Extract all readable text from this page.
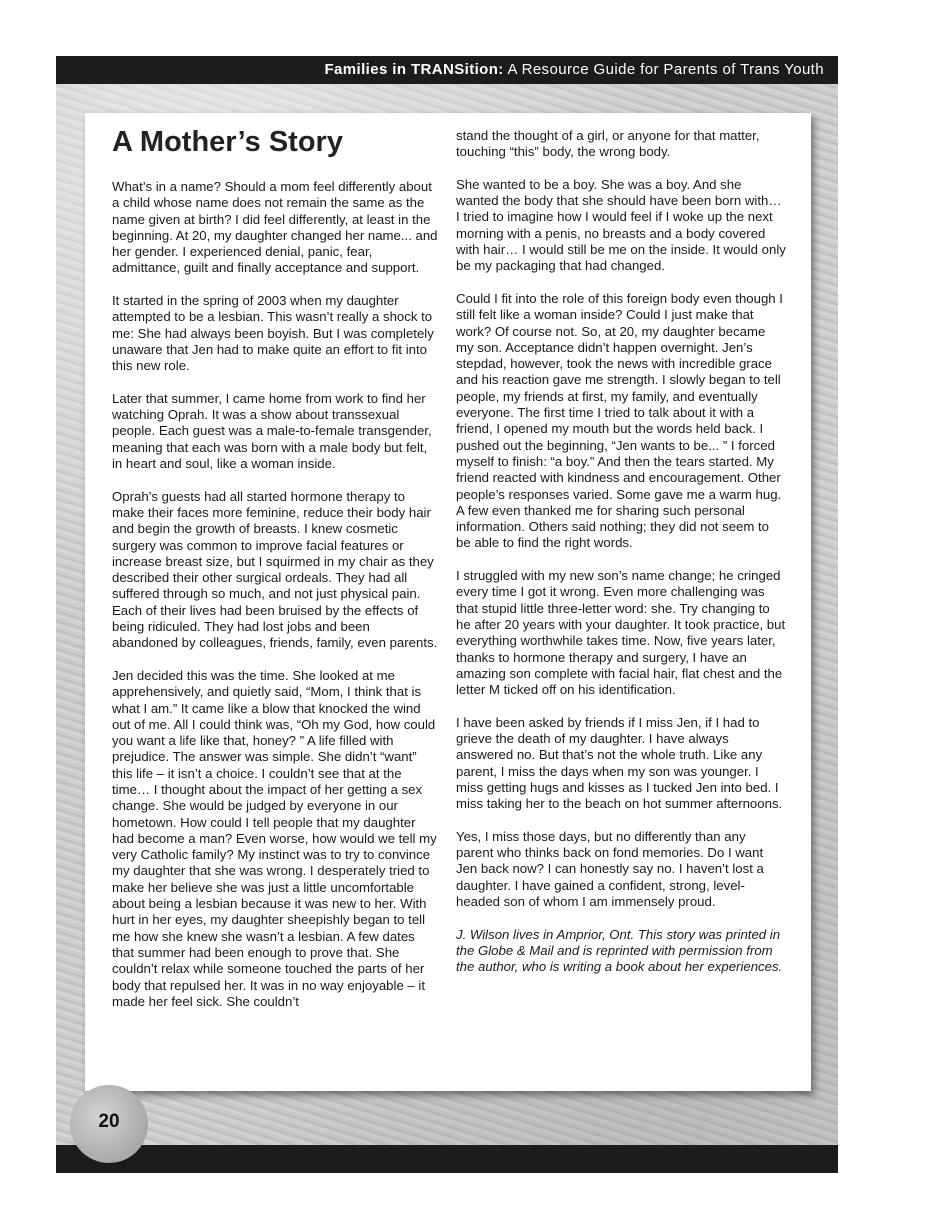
Families in TRANSition: A Resource Guide for Parents of Trans Youth
A Mother’s Story

What’s in a name? Should a mom feel differently about a child whose name does not remain the same as the name given at birth? I did feel differently, at least in the beginning. At 20, my daughter changed her name... and her gender. I experienced denial, panic, fear, admittance, guilt and finally acceptance and support.

It started in the spring of 2003 when my daughter attempted to be a lesbian. This wasn’t really a shock to me: She had always been boyish. But I was completely unaware that Jen had to make quite an effort to fit into this new role.

Later that summer, I came home from work to find her watching Oprah. It was a show about transsexual people. Each guest was a male-to-female transgender, meaning that each was born with a male body but felt, in heart and soul, like a woman inside.

Oprah’s guests had all started hormone therapy to make their faces more feminine, reduce their body hair and begin the growth of breasts. I knew cosmetic surgery was common to improve facial features or increase breast size, but I squirmed in my chair as they described their other surgical ordeals. They had all suffered through so much, and not just physical pain. Each of their lives had been bruised by the effects of being ridiculed. They had lost jobs and been abandoned by colleagues, friends, family, even parents.

Jen decided this was the time. She looked at me apprehensively, and quietly said, “Mom, I think that is what I am.” It came like a blow that knocked the wind out of me. All I could think was, “Oh my God, how could you want a life like that, honey? ” A life filled with prejudice. The answer was simple. She didn’t “want” this life – it isn’t a choice. I couldn’t see that at the time… I thought about the impact of her getting a sex change. She would be judged by everyone in our hometown. How could I tell people that my daughter had become a man? Even worse, how would we tell my very Catholic family? My instinct was to try to convince my daughter that she was wrong. I desperately tried to make her believe she was just a little uncomfortable about being a lesbian because it was new to her. With hurt in her eyes, my daughter sheepishly began to tell me how she knew she wasn’t a lesbian. A few dates that summer had been enough to prove that. She couldn’t relax while someone touched the parts of her body that repulsed her. It was in no way enjoyable – it made her feel sick. She couldn’t

stand the thought of a girl, or anyone for that matter, touching “this” body, the wrong body.

She wanted to be a boy. She was a boy. And she wanted the body that she should have been born with… I tried to imagine how I would feel if I woke up the next morning with a penis, no breasts and a body covered with hair… I would still be me on the inside. It would only be my packaging that had changed.

Could I fit into the role of this foreign body even though I still felt like a woman inside? Could I just make that work? Of course not. So, at 20, my daughter became my son. Acceptance didn’t happen overnight. Jen’s stepdad, however, took the news with incredible grace and his reaction gave me strength. I slowly began to tell people, my friends at first, my family, and eventually everyone. The first time I tried to talk about it with a friend, I opened my mouth but the words held back. I pushed out the beginning, “Jen wants to be... ” I forced myself to finish: “a boy.” And then the tears started. My friend reacted with kindness and encouragement. Other people’s responses varied. Some gave me a warm hug. A few even thanked me for sharing such personal information. Others said nothing; they did not seem to be able to find the right words.

I struggled with my new son’s name change; he cringed every time I got it wrong. Even more challenging was that stupid little three-letter word: she. Try changing to he after 20 years with your daughter. It took practice, but everything worthwhile takes time. Now, five years later, thanks to hormone therapy and surgery, I have an amazing son complete with facial hair, flat chest and the letter M ticked off on his identification.

I have been asked by friends if I miss Jen, if I had to grieve the death of my daughter. I have always answered no. But that’s not the whole truth. Like any parent, I miss the days when my son was younger. I miss getting hugs and kisses as I tucked Jen into bed. I miss taking her to the beach on hot summer afternoons.

Yes, I miss those days, but no differently than any parent who thinks back on fond memories. Do I want Jen back now? I can honestly say no. I haven’t lost a daughter. I have gained a confident, strong, level-headed son of whom I am immensely proud.

J. Wilson lives in Amprior, Ont. This story was printed in the Globe & Mail and is reprinted with permission from the author, who is writing a book about her experiences.

20
